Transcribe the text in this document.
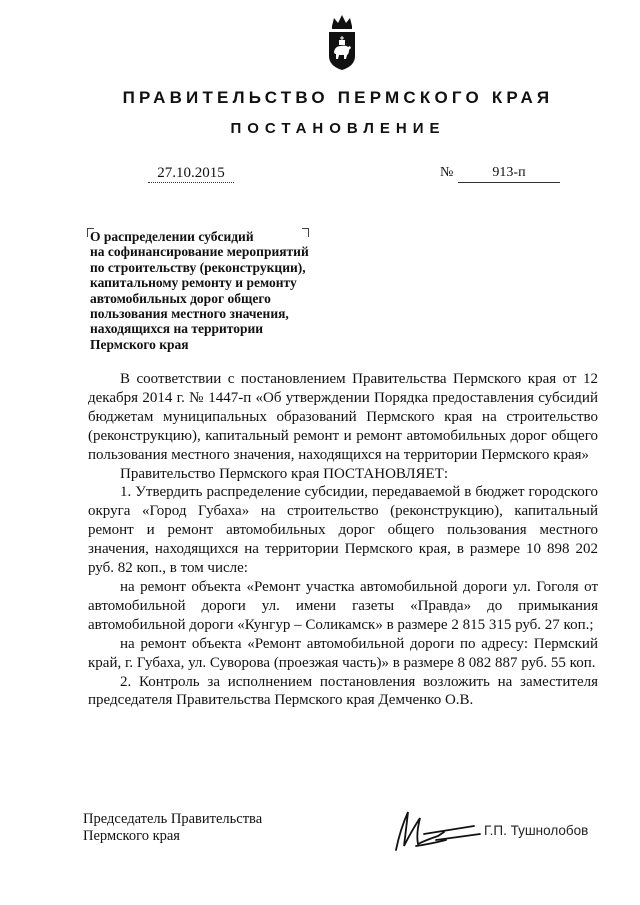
ПРАВИТЕЛЬСТВО ПЕРМСКОГО КРАЯ
ПОСТАНОВЛЕНИЕ
27.10.2015	№	913-п
О распределении субсидий
на софинансирование мероприятий
по строительству (реконструкции),
капитальному ремонту и ремонту
автомобильных дорог общего
пользования местного значения,
находящихся на территории
Пермского края

В соответствии с постановлением Правительства Пермского края от 12 декабря 2014 г. № 1447-п «Об утверждении Порядка предоставления субсидий бюджетам муниципальных образований Пермского края на строительство (реконструкцию), капитальный ремонт и ремонт автомобильных дорог общего пользования местного значения, находящихся на территории Пермского края»

Правительство Пермского края ПОСТАНОВЛЯЕТ:

1. Утвердить распределение субсидии, передаваемой в бюджет городского округа «Город Губаха» на строительство (реконструкцию), капитальный ремонт и ремонт автомобильных дорог общего пользования местного значения, находящихся на территории Пермского края, в размере 10 898 202 руб. 82 коп., в том числе:

на ремонт объекта «Ремонт участка автомобильной дороги ул. Гоголя от автомобильной дороги ул. имени газеты «Правда» до примыкания автомобильной дороги «Кунгур – Соликамск» в размере 2 815 315 руб. 27 коп.;

на ремонт объекта «Ремонт автомобильной дороги по адресу: Пермский край, г. Губаха, ул. Суворова (проезжая часть)» в размере 8 082 887 руб. 55 коп.

2. Контроль за исполнением постановления возложить на заместителя председателя Правительства Пермского края Демченко О.В.

Председатель Правительства
Пермского края	Г.П. Тушнолобов
